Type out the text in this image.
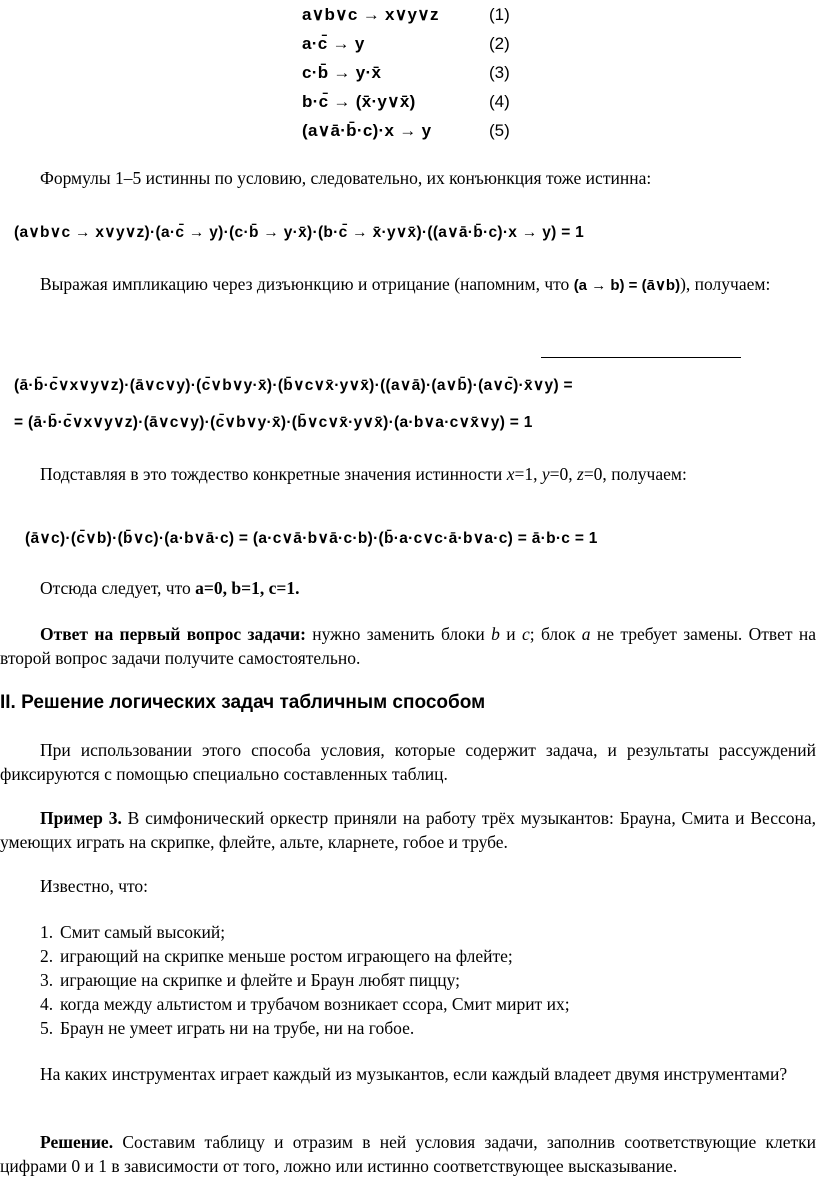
a∨b∨c → x∨y∨z	(1)
a·c̄ → y	(2)
c·b̄ → y·x̄	(3)
b·c̄ → (x̄·y∨x̄)	(4)
(a∨ā·b̄·c)·x → y	(5)
Формулы 1–5 истинны по условию, следовательно, их конъюнкция тоже истинна:
(a∨b∨c → x∨y∨z)·(a·c̄ → y)·(c·b̄ → y·x̄)·(b·c̄ → x̄·y∨x̄)·((a∨ā·b̄·c)·x → y) = 1
Выражая импликацию через дизъюнкцию и отрицание (напомним, что (a → b) = (ā∨b)), получаем:
(ā·b̄·c̄∨x∨y∨z)·(ā∨c∨y)·(c̄∨b∨y·x̄)·(b̄∨c∨x̄·y∨x̄)·((a∨ā)·(a∨b̄)·(a∨c̄)·x̄∨y) =
= (ā·b̄·c̄∨x∨y∨z)·(ā∨c∨y)·(c̄∨b∨y·x̄)·(b̄∨c∨x̄·y∨x̄)·(a·b∨a·c∨x̄∨y) = 1
Подставляя в это тождество конкретные значения истинности x=1, y=0, z=0, получаем:
(ā∨c)·(c̄∨b)·(b̄∨c)·(a·b∨ā·c) = (a·c∨ā·b∨ā·c·b)·(b̄·a·c∨c·ā·b∨a·c) = ā·b·c = 1
Отсюда следует, что a=0, b=1, c=1.
Ответ на первый вопрос задачи: нужно заменить блоки b и c; блок a не требует замены. Ответ на второй вопрос задачи получите самостоятельно.
II. Решение логических задач табличным способом
При использовании этого способа условия, которые содержит задача, и результаты рассуждений фиксируются с помощью специально составленных таблиц.
Пример 3. В симфонический оркестр приняли на работу трёх музыкантов: Брауна, Смита и Вессона, умеющих играть на скрипке, флейте, альте, кларнете, гобое и трубе.
Известно, что:
1. Смит самый высокий;
2. играющий на скрипке меньше ростом играющего на флейте;
3. играющие на скрипке и флейте и Браун любят пиццу;
4. когда между альтистом и трубачом возникает ссора, Смит мирит их;
5. Браун не умеет играть ни на трубе, ни на гобое.
На каких инструментах играет каждый из музыкантов, если каждый владеет двумя инструментами?
Решение. Составим таблицу и отразим в ней условия задачи, заполнив соответствующие клетки цифрами 0 и 1 в зависимости от того, ложно или истинно соответствующее высказывание.
